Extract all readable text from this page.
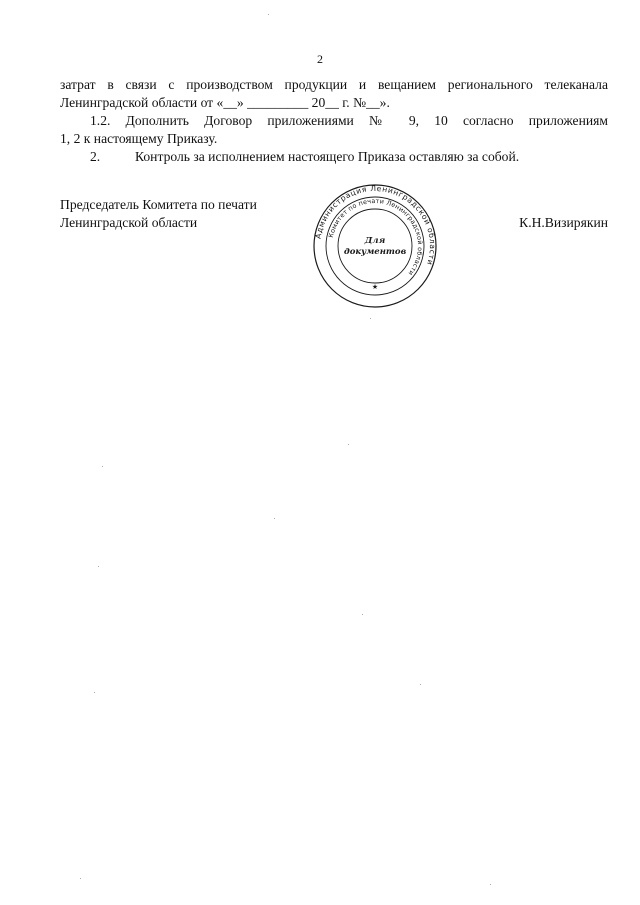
2
затрат в связи с производством продукции и вещанием регионального телеканала
Ленинградской области от «__» _________ 20__ г. №__».
1.2. Дополнить Договор приложениями № 9, 10 согласно приложениям
1, 2 к настоящему Приказу.
2.	Контроль за исполнением настоящего Приказа оставляю за собой.
Председатель Комитета по печати
Ленинградской области	К.Н.Визирякин
Администрация Ленинградской области
Комитет по печати Ленинградской области
Для
документов
★
